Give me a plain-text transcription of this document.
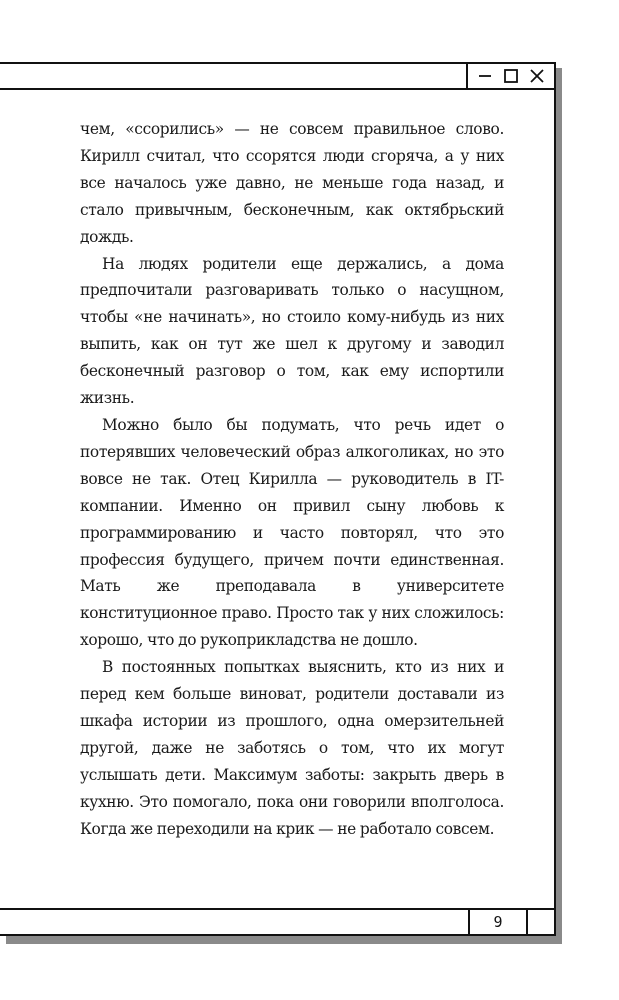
чем, «ссорились» — не совсем правильное слово. Кирилл считал, что ссорятся люди сгоряча, а у них все началось уже давно, не меньше года назад, и стало привычным, бесконечным, как октябрьский дождь.

На людях родители еще держались, а дома предпочитали разговаривать только о насущном, чтобы «не начинать», но стоило кому-нибудь из них выпить, как он тут же шел к другому и заводил бесконечный разговор о том, как ему испортили жизнь.

Можно было бы подумать, что речь идет о потерявших человеческий образ алкоголиках, но это вовсе не так. Отец Кирилла — руководитель в IT-компании. Именно он привил сыну любовь к программированию и часто повторял, что это профессия будущего, причем почти единственная. Мать же преподавала в университете конституционное право. Просто так у них сложилось: хорошо, что до рукоприкладства не дошло.

В постоянных попытках выяснить, кто из них и перед кем больше виноват, родители доставали из шкафа истории из прошлого, одна омерзительней другой, даже не заботясь о том, что их могут услышать дети. Максимум заботы: закрыть дверь в кухню. Это помогало, пока они говорили вполголоса. Когда же переходили на крик — не работало совсем.

9
